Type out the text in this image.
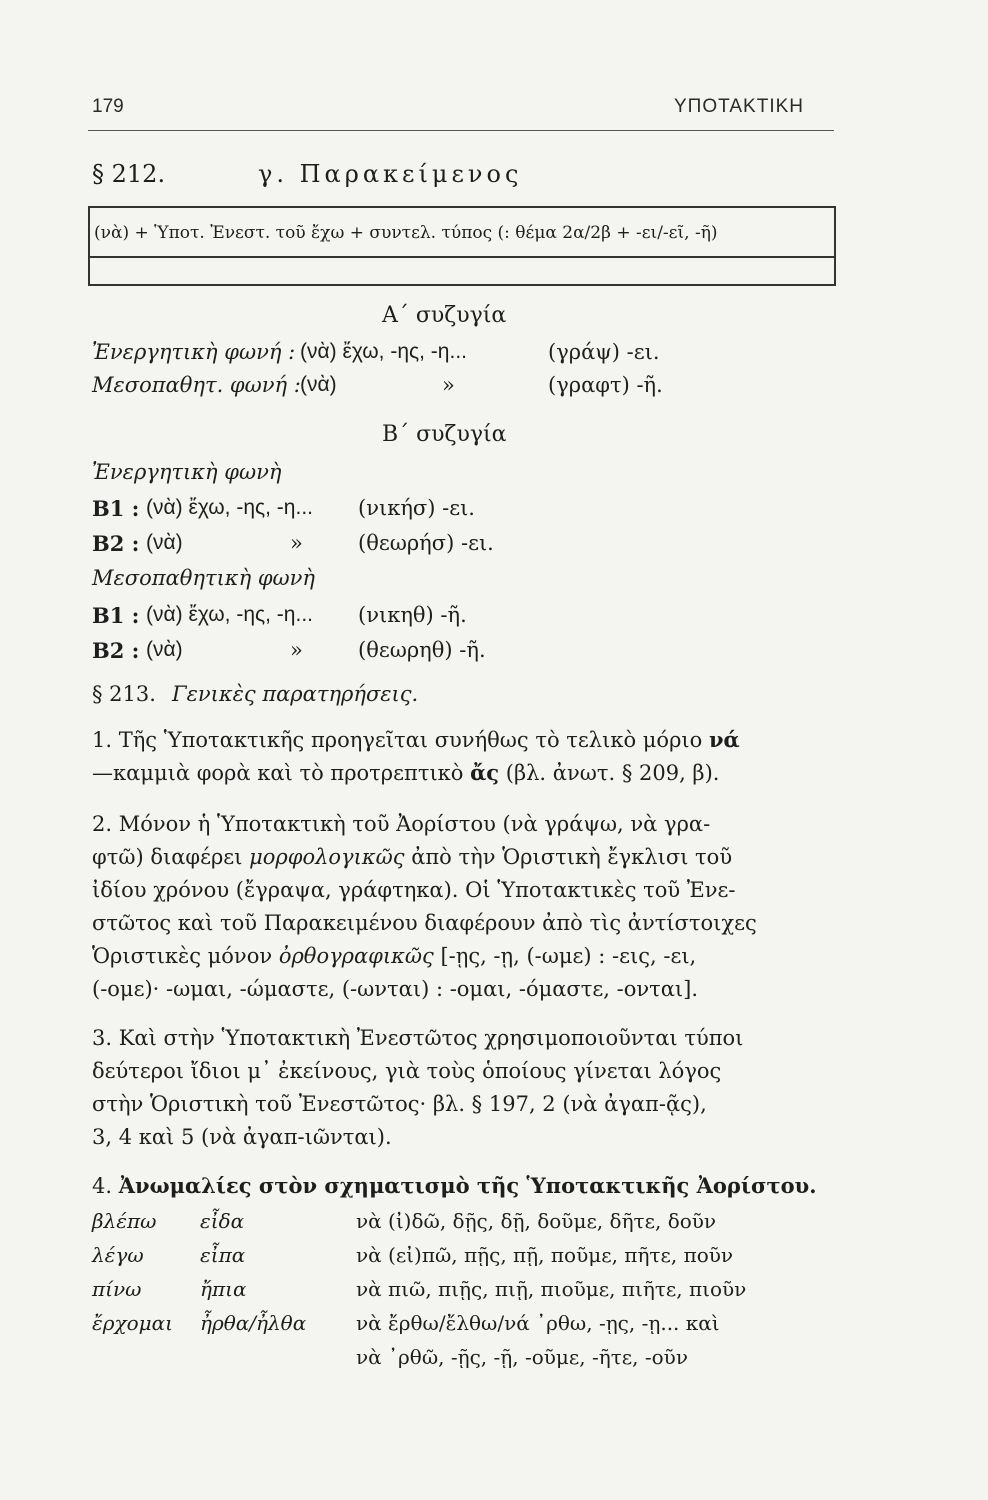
179	ΥΠΟΤΑΚΤΙΚΗ
§ 212.	γ. Παρακείμενος
(νὰ) + Ὑποτ. Ἐνεστ. τοῦ ἔχω + συντελ. τύπος (: θέμα 2α/2β + -ει/-εῖ, -ῆ)
Α΄ συζυγία
Ἐνεργητικὴ φωνή : (νὰ) ἔχω, -ης, -η...	(γράψ) -ει.
Μεσοπαθητ. φωνή : (νὰ)	»	(γραφτ) -ῆ.
Β΄ συζυγία
Ἐνεργητικὴ φωνὴ
Β1 : (νὰ) ἔχω, -ης, -η... (νικήσ) -ει.
Β2 : (νὰ)	»	(θεωρήσ) -ει.
Μεσοπαθητικὴ φωνὴ
Β1 : (νὰ) ἔχω, -ης, -η... (νικηθ) -ῆ.
Β2 : (νὰ)	»	(θεωρηθ) -ῆ.
§ 213. Γενικὲς παρατηρήσεις.
1. Τῆς Ὑποτακτικῆς προηγεῖται συνήθως τὸ τελικὸ μόριο νά
—καμμιὰ φορὰ καὶ τὸ προτρεπτικὸ ἄς (βλ. ἀνωτ. § 209, β).
2. Μόνον ἡ Ὑποτακτικὴ τοῦ Ἀορίστου (νὰ γράψω, νὰ γρα-
φτῶ) διαφέρει μορφολογικῶς ἀπὸ τὴν Ὁριστικὴ ἔγκλισι τοῦ
ἰδίου χρόνου (ἔγραψα, γράφτηκα). Οἱ Ὑποτακτικὲς τοῦ Ἐνε-
στῶτος καὶ τοῦ Παρακειμένου διαφέρουν ἀπὸ τὶς ἀντίστοιχες
Ὁριστικὲς μόνον ὀρθογραφικῶς [-ῃς, -ῃ, (-ωμε) : -εις, -ει,
(-ομε)· -ωμαι, -ώμαστε, (-ωνται) : -ομαι, -όμαστε, -ονται].
3. Καὶ στὴν Ὑποτακτικὴ Ἐνεστῶτος χρησιμοποιοῦνται τύποι
δεύτεροι ἴδιοι μ᾿ ἐκείνους, γιὰ τοὺς ὁποίους γίνεται λόγος
στὴν Ὁριστικὴ τοῦ Ἐνεστῶτος· βλ. § 197, 2 (νὰ ἀγαπ-ᾷς),
3, 4 καὶ 5 (νὰ ἀγαπ-ιῶνται).
4. Ἀνωμαλίες στὸν σχηματισμὸ τῆς Ὑποτακτικῆς Ἀορίστου.
βλέπω εἶδα	νὰ (ἰ)δῶ, δῇς, δῇ, δοῦμε, δῆτε, δοῦν
λέγω	εἶπα	νὰ (εἰ)πῶ, πῇς, πῇ, ποῦμε, πῆτε, ποῦν
πίνω	ἤπια	νὰ πιῶ, πιῇς, πιῇ, πιοῦμε, πιῆτε, πιοῦν
ἔρχομαι ἦρθα/ἦλθα νὰ ἔρθω/ἔλθω/νά ᾿ρθω, -ῃς, -ῃ... καὶ
νὰ ᾿ρθῶ, -ῇς, -ῇ, -οῦμε, -ῆτε, -οῦν
